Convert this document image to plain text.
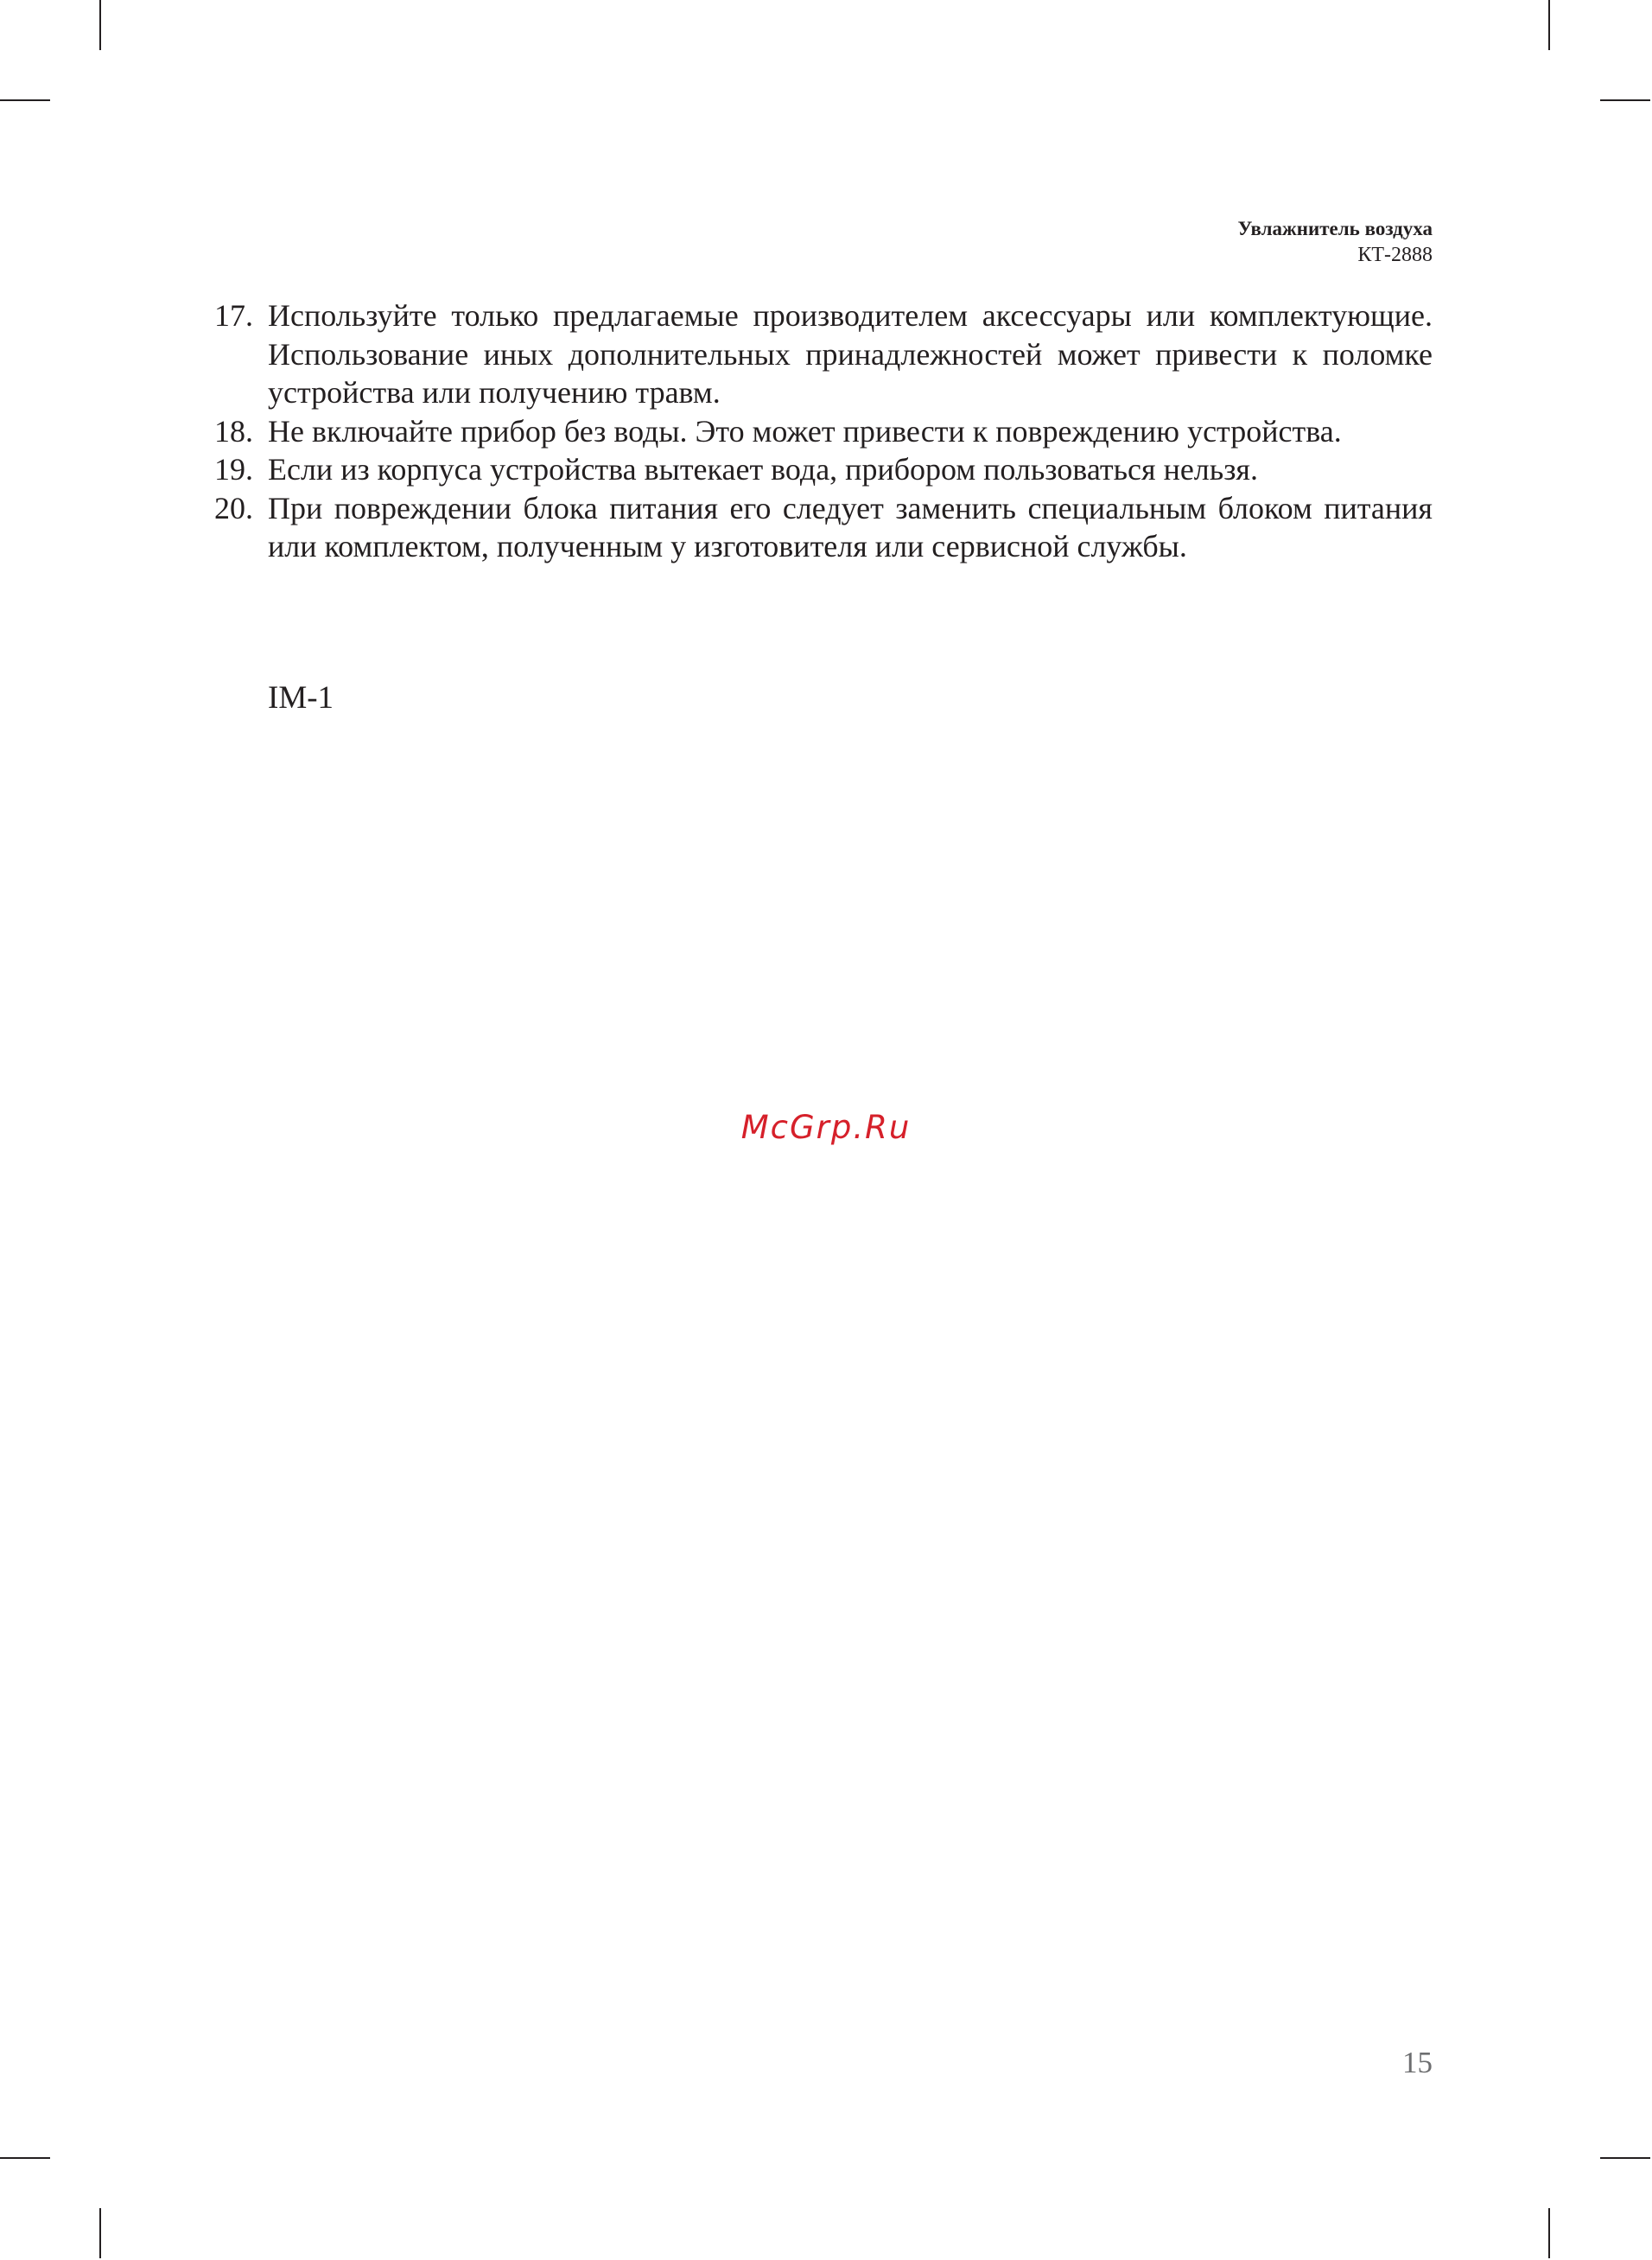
Увлажнитель воздуха
КТ-2888
17. Используйте только предлагаемые производителем аксессуары или комплектующие. Использование иных дополнительных принадлежностей может привести к поломке устройства или получению травм.
18. Не включайте прибор без воды. Это может привести к повреждению устройства.
19. Если из корпуса устройства вытекает вода, прибором пользоваться нельзя.
20. При повреждении блока питания его следует заменить специальным блоком питания или комплектом, полученным у изготовителя или сервисной службы.
IM-1
McGrp.Ru
15
